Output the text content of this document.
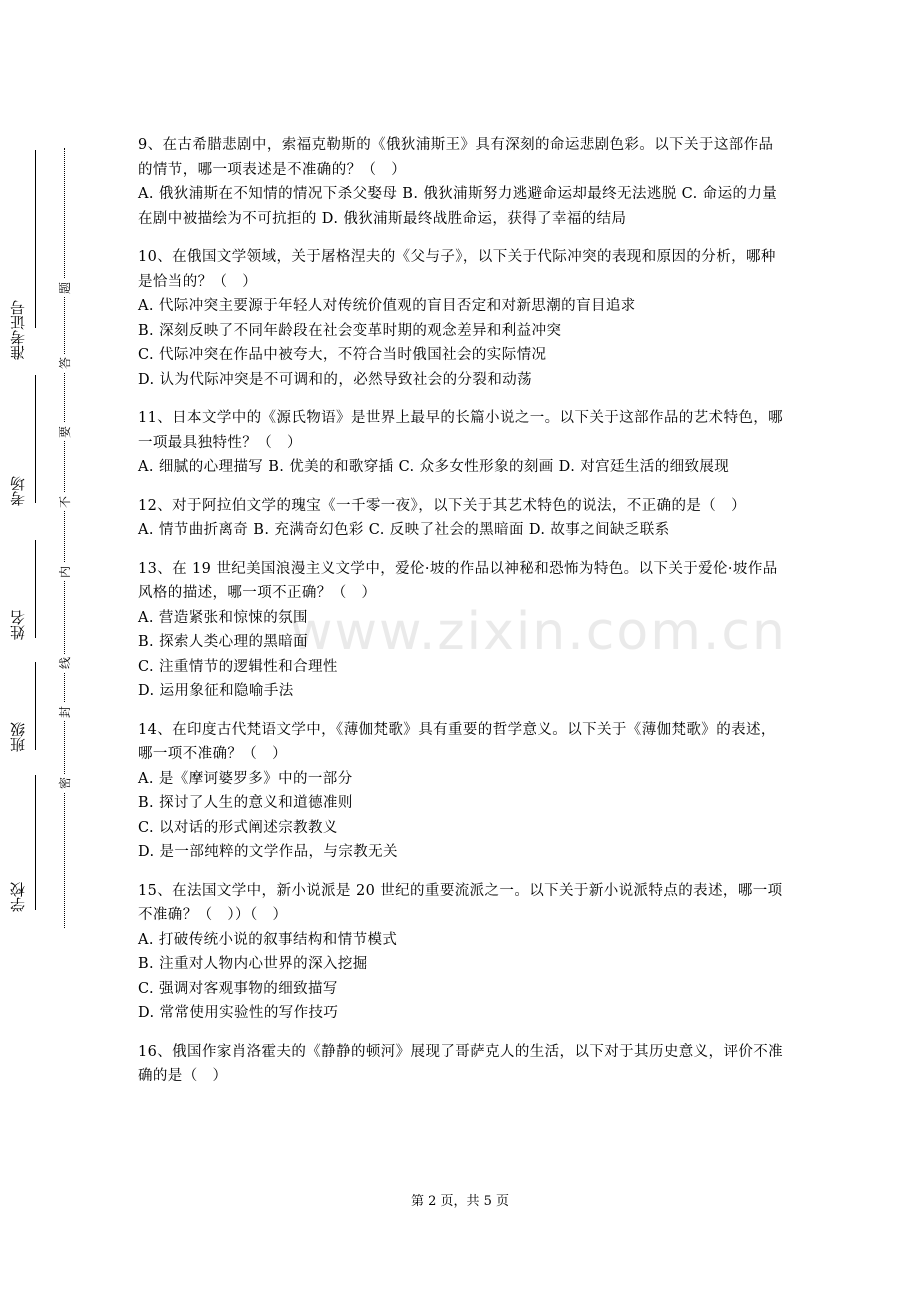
准考证号
考场
姓名
班级
学校
题
答
要
不
内
线
封
密
www.zixin.com.cn

9、在古希腊悲剧中，索福克勒斯的《俄狄浦斯王》具有深刻的命运悲剧色彩。以下关于这部作品的情节，哪一项表述是不准确的？（　）

A. 俄狄浦斯在不知情的情况下杀父娶母 B. 俄狄浦斯努力逃避命运却最终无法逃脱 C. 命运的力量在剧中被描绘为不可抗拒的 D. 俄狄浦斯最终战胜命运，获得了幸福的结局

10、在俄国文学领域，关于屠格涅夫的《父与子》，以下关于代际冲突的表现和原因的分析，哪种是恰当的？（　）

A. 代际冲突主要源于年轻人对传统价值观的盲目否定和对新思潮的盲目追求

B. 深刻反映了不同年龄段在社会变革时期的观念差异和利益冲突

C. 代际冲突在作品中被夸大，不符合当时俄国社会的实际情况

D. 认为代际冲突是不可调和的，必然导致社会的分裂和动荡

11、日本文学中的《源氏物语》是世界上最早的长篇小说之一。以下关于这部作品的艺术特色，哪一项最具独特性？（　）

A. 细腻的心理描写 B. 优美的和歌穿插 C. 众多女性形象的刻画 D. 对宫廷生活的细致展现

12、对于阿拉伯文学的瑰宝《一千零一夜》，以下关于其艺术特色的说法，不正确的是（　）

A. 情节曲折离奇 B. 充满奇幻色彩 C. 反映了社会的黑暗面 D. 故事之间缺乏联系

13、在 19 世纪美国浪漫主义文学中，爱伦·坡的作品以神秘和恐怖为特色。以下关于爱伦·坡作品风格的描述，哪一项不正确？（　）

A. 营造紧张和惊悚的氛围

B. 探索人类心理的黑暗面

C. 注重情节的逻辑性和合理性

D. 运用象征和隐喻手法

14、在印度古代梵语文学中，《薄伽梵歌》具有重要的哲学意义。以下关于《薄伽梵歌》的表述，哪一项不准确？（　）

A. 是《摩诃婆罗多》中的一部分

B. 探讨了人生的意义和道德准则

C. 以对话的形式阐述宗教教义

D. 是一部纯粹的文学作品，与宗教无关

15、在法国文学中，新小说派是 20 世纪的重要流派之一。以下关于新小说派特点的表述，哪一项不准确？（　））（　）

A. 打破传统小说的叙事结构和情节模式

B. 注重对人物内心世界的深入挖掘

C. 强调对客观事物的细致描写

D. 常常使用实验性的写作技巧

16、俄国作家肖洛霍夫的《静静的顿河》展现了哥萨克人的生活，以下对于其历史意义，评价不准确的是（　）

第 2 页，共 5 页
